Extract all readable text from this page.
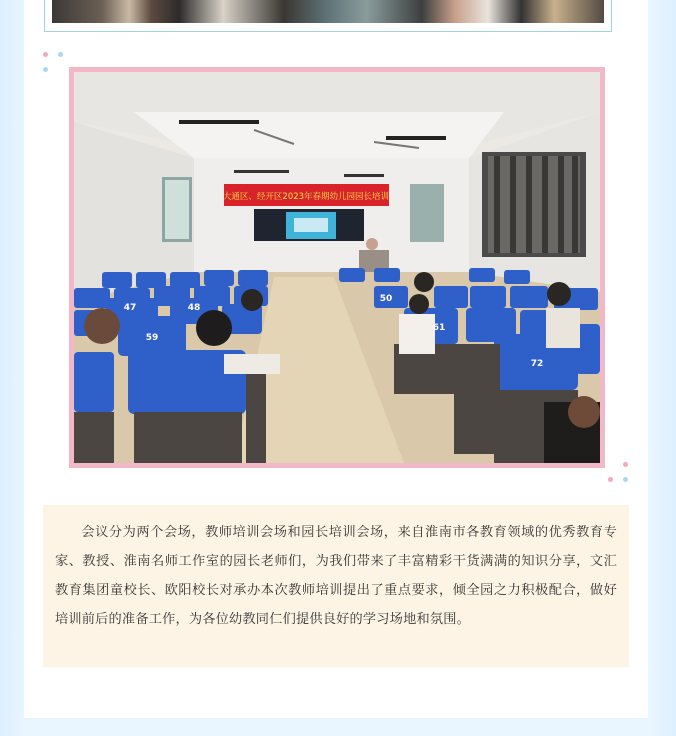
大通区、经开区2023年春期幼儿园园长培训
47	48
59
50
61
72

会议分为两个会场，教师培训会场和园长培训会场，来自淮南市各教育领域的优秀教育专家、教授、淮南名师工作室的园长老师们，为我们带来了丰富精彩干货满满的知识分享，文汇教育集团童校长、欧阳校长对承办本次教师培训提出了重点要求，倾全园之力积极配合，做好培训前后的准备工作，为各位幼教同仁们提供良好的学习场地和氛围。
